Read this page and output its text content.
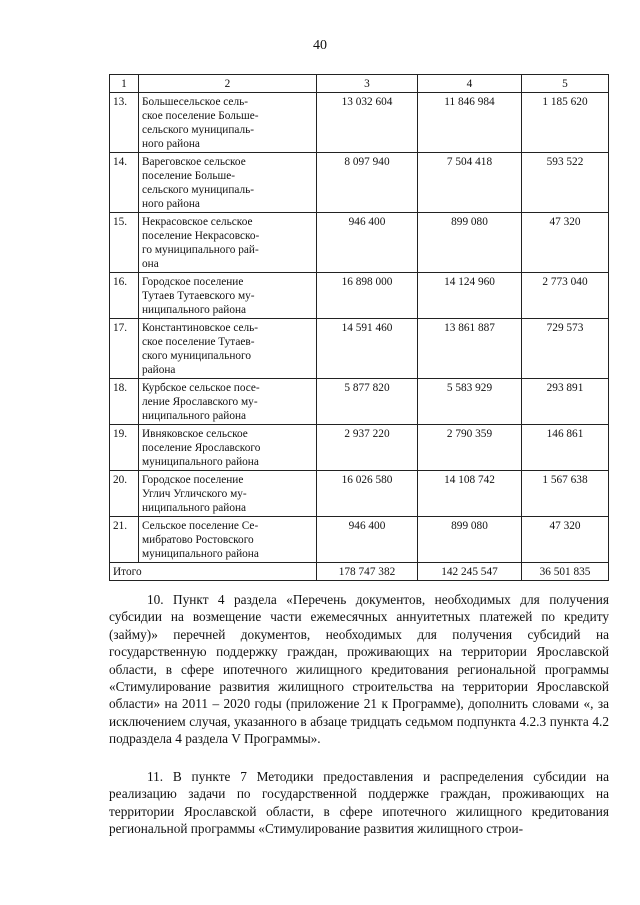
40
1	2	3	4	5
13.	Большесельское сель-
ское поселение Больше-
сельского муниципаль-
ного района	13 032 604	11 846 984	1 185 620
14.	Вареговское сельское
поселение Больше-
сельского муниципаль-
ного района	8 097 940	7 504 418	593 522
15.	Некрасовское сельское
поселение Некрасовско-
го муниципального рай-
она	946 400	899 080	47 320
16.	Городское поселение
Тутаев Тутаевского му-
ниципального района	16 898 000	14 124 960	2 773 040
17.	Константиновское сель-
ское поселение Тутаев-
ского муниципального
района	14 591 460	13 861 887	729 573
18.	Курбское сельское посе-
ление Ярославского му-
ниципального района	5 877 820	5 583 929	293 891
19.	Ивняковское сельское
поселение Ярославского
муниципального района	2 937 220	2 790 359	146 861
20.	Городское поселение
Углич Угличского му-
ниципального района	16 026 580	14 108 742	1 567 638
21.	Сельское поселение Се-
мибратово Ростовского
муниципального района	946 400	899 080	47 320
Итого		178 747 382	142 245 547	36 501 835

10. Пункт 4 раздела «Перечень документов, необходимых для получения субсидии на возмещение части ежемесячных аннуитетных платежей по кредиту (займу)» перечней документов, необходимых для получения субсидий на государственную поддержку граждан, проживающих на территории Ярославской области, в сфере ипотечного жилищного кредитования региональной программы «Стимулирование развития жилищного строительства на территории Ярославской области» на 2011 – 2020 годы (приложение 21 к Программе), дополнить словами «, за исключением случая, указанного в абзаце тридцать седьмом подпункта 4.2.3 пункта 4.2 подраздела 4 раздела V Программы».

11. В пункте 7 Методики предоставления и распределения субсидии на реализацию задачи по государственной поддержке граждан, проживающих на территории Ярославской области, в сфере ипотечного жилищного кредитования региональной программы «Стимулирование развития жилищного строи-
